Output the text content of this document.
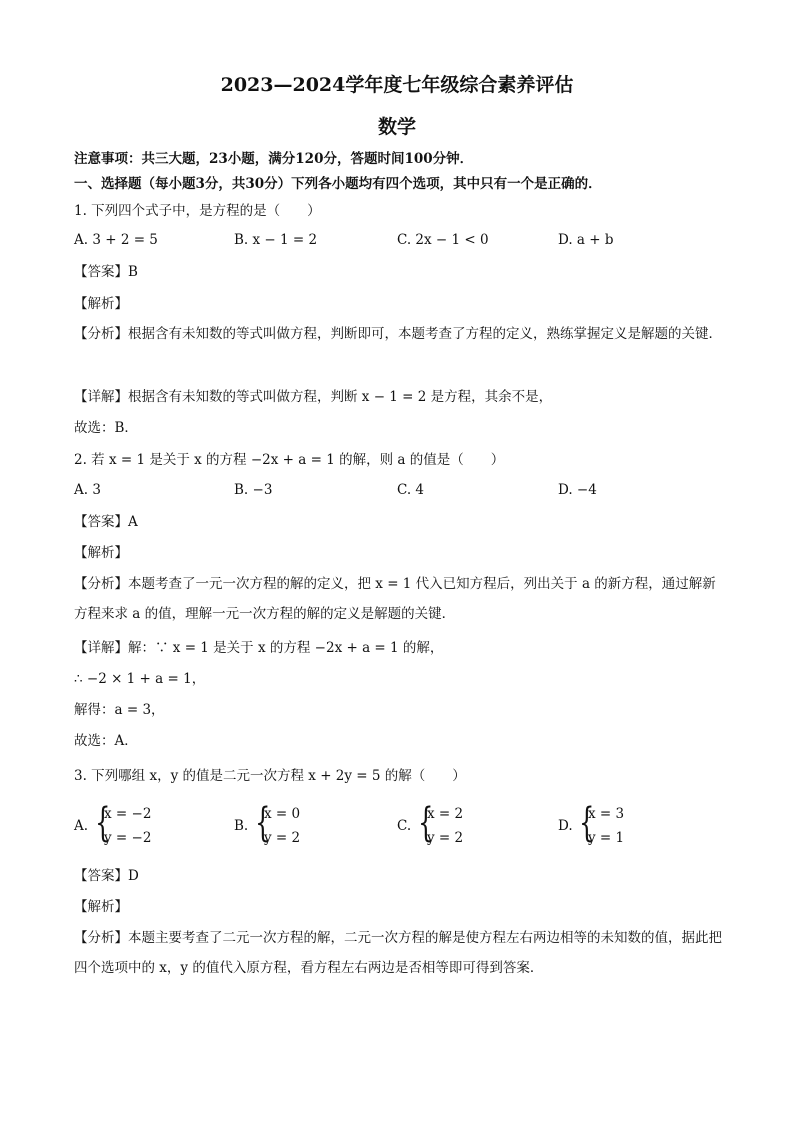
2023—2024学年度七年级综合素养评估
数学
注意事项：共三大题，23小题，满分120分，答题时间100分钟．
一、选择题（每小题3分，共30分）下列各小题均有四个选项，其中只有一个是正确的．
1. 下列四个式子中，是方程的是（　　）
A. 3 + 2 = 5	B. x − 1 = 2	C. 2x − 1 < 0	D. a + b
【答案】B
【解析】
【分析】根据含有未知数的等式叫做方程，判断即可，本题考查了方程的定义，熟练掌握定义是解题的关键．
【详解】根据含有未知数的等式叫做方程，判断 x − 1 = 2 是方程，其余不是，
故选：B．
2. 若 x = 1 是关于 x 的方程 −2x + a = 1 的解，则 a 的值是（　　）
A. 3	B. −3	C. 4	D. −4
【答案】A
【解析】
【分析】本题考查了一元一次方程的解的定义，把 x = 1 代入已知方程后，列出关于 a 的新方程，通过解新方程来求 a 的值，理解一元一次方程的解的定义是解题的关键．
【详解】解：∵ x = 1 是关于 x 的方程 −2x + a = 1 的解，
∴ −2 × 1 + a = 1，
解得：a = 3，
故选：A．
3. 下列哪组 x，y 的值是二元一次方程 x + 2y = 5 的解（　　）
A. {
x = −2
y = −2
B. {
x = 0
y = 2
C. {
x = 2
y = 2
D. {
x = 3
y = 1
【答案】D
【解析】
【分析】本题主要考查了二元一次方程的解，二元一次方程的解是使方程左右两边相等的未知数的值，据此把四个选项中的 x，y 的值代入原方程，看方程左右两边是否相等即可得到答案．
